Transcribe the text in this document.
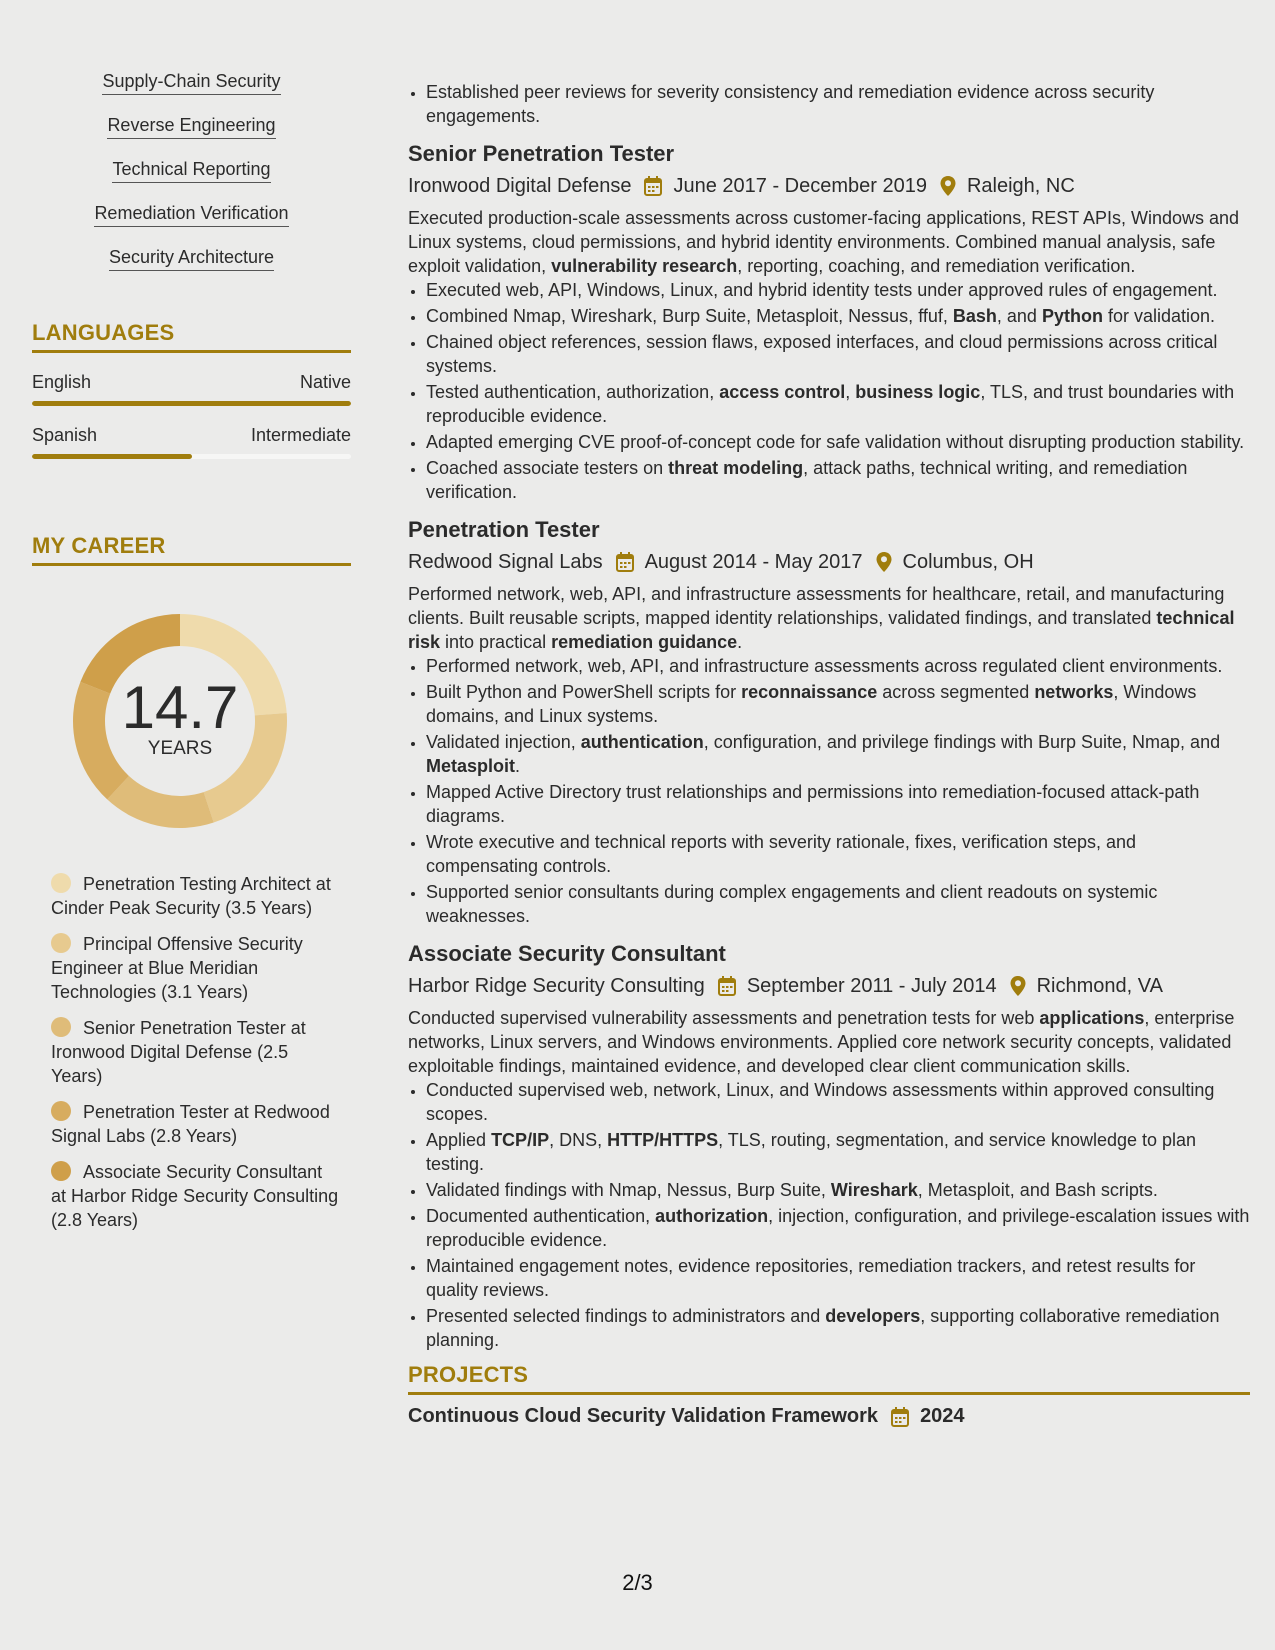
Supply-Chain Security
Reverse Engineering
Technical Reporting
Remediation Verification
Security Architecture
LANGUAGES
English	Native
Spanish	Intermediate
MY CAREER
14.7
YEARS
Penetration Testing Architect at Cinder Peak Security (3.5 Years)
Principal Offensive Security Engineer at Blue Meridian Technologies (3.1 Years)
Senior Penetration Tester at Ironwood Digital Defense (2.5 Years)
Penetration Tester at Redwood Signal Labs (2.8 Years)
Associate Security Consultant at Harbor Ridge Security Consulting (2.8 Years)
• Established peer reviews for severity consistency and remediation evidence across security engagements.
Senior Penetration Tester
Ironwood Digital Defense June 2017 - December 2019 Raleigh, NC
Executed production-scale assessments across customer-facing applications, REST APIs, Windows and Linux systems, cloud permissions, and hybrid identity environments. Combined manual analysis, safe exploit validation, vulnerability research, reporting, coaching, and remediation verification.
• Executed web, API, Windows, Linux, and hybrid identity tests under approved rules of engagement.
• Combined Nmap, Wireshark, Burp Suite, Metasploit, Nessus, ffuf, Bash, and Python for validation.
• Chained object references, session flaws, exposed interfaces, and cloud permissions across critical systems.
• Tested authentication, authorization, access control, business logic, TLS, and trust boundaries with reproducible evidence.
• Adapted emerging CVE proof-of-concept code for safe validation without disrupting production stability.
• Coached associate testers on threat modeling, attack paths, technical writing, and remediation verification.
Penetration Tester
Redwood Signal Labs August 2014 - May 2017 Columbus, OH
Performed network, web, API, and infrastructure assessments for healthcare, retail, and manufacturing clients. Built reusable scripts, mapped identity relationships, validated findings, and translated technical risk into practical remediation guidance.
• Performed network, web, API, and infrastructure assessments across regulated client environments.
• Built Python and PowerShell scripts for reconnaissance across segmented networks, Windows domains, and Linux systems.
• Validated injection, authentication, configuration, and privilege findings with Burp Suite, Nmap, and Metasploit.
• Mapped Active Directory trust relationships and permissions into remediation-focused attack-path diagrams.
• Wrote executive and technical reports with severity rationale, fixes, verification steps, and compensating controls.
• Supported senior consultants during complex engagements and client readouts on systemic weaknesses.
Associate Security Consultant
Harbor Ridge Security Consulting September 2011 - July 2014 Richmond, VA
Conducted supervised vulnerability assessments and penetration tests for web applications, enterprise networks, Linux servers, and Windows environments. Applied core network security concepts, validated exploitable findings, maintained evidence, and developed clear client communication skills.
• Conducted supervised web, network, Linux, and Windows assessments within approved consulting scopes.
• Applied TCP/IP, DNS, HTTP/HTTPS, TLS, routing, segmentation, and service knowledge to plan testing.
• Validated findings with Nmap, Nessus, Burp Suite, Wireshark, Metasploit, and Bash scripts.
• Documented authentication, authorization, injection, configuration, and privilege-escalation issues with reproducible evidence.
• Maintained engagement notes, evidence repositories, remediation trackers, and retest results for quality reviews.
• Presented selected findings to administrators and developers, supporting collaborative remediation planning.
PROJECTS
Continuous Cloud Security Validation Framework 2024
2/3
